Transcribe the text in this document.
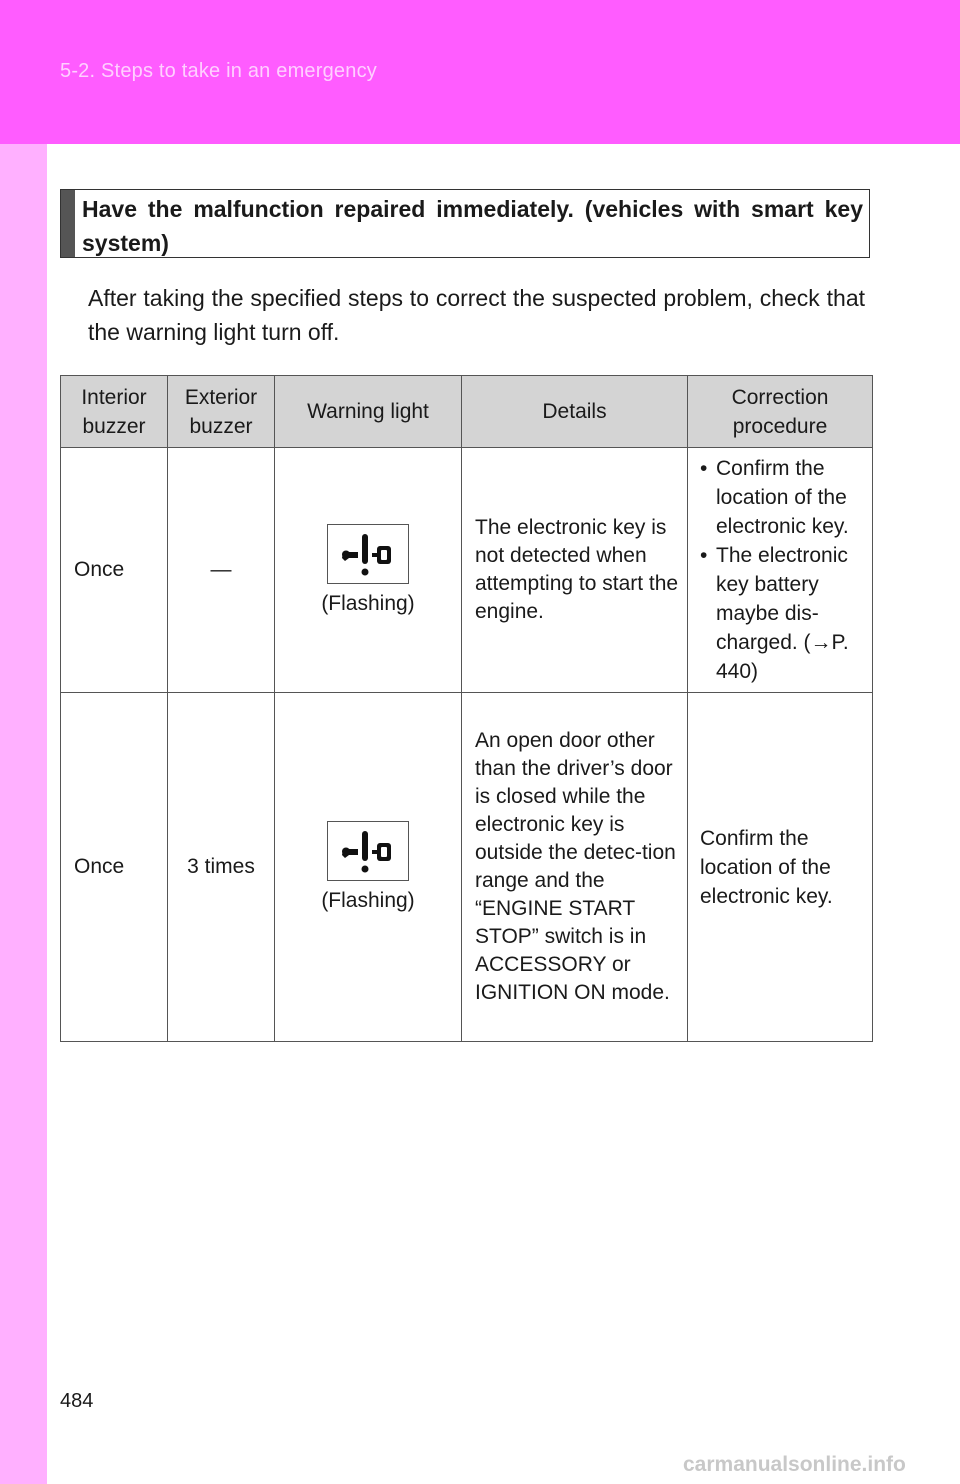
5-2. Steps to take in an emergency
Have the malfunction repaired immediately. (vehicles with smart key system)
After taking the specified steps to correct the suspected problem, check that the warning light turn off.
Interior buzzer	Exterior buzzer	Warning light	Details	Correction procedure
Once	—	(Flashing)	The electronic key is not detected when attempting to start the engine.	• Confirm the location of the electronic key.
• The electronic key battery maybe dis-charged. (→P. 440)

Once	3 times	(Flashing)	An open door other than the driver’s door is closed while the electronic key is outside the detec-tion range and the “ENGINE START STOP” switch is in ACCESSORY or IGNITION ON mode.	Confirm the location of the electronic key.
484
carmanualsonline.info
